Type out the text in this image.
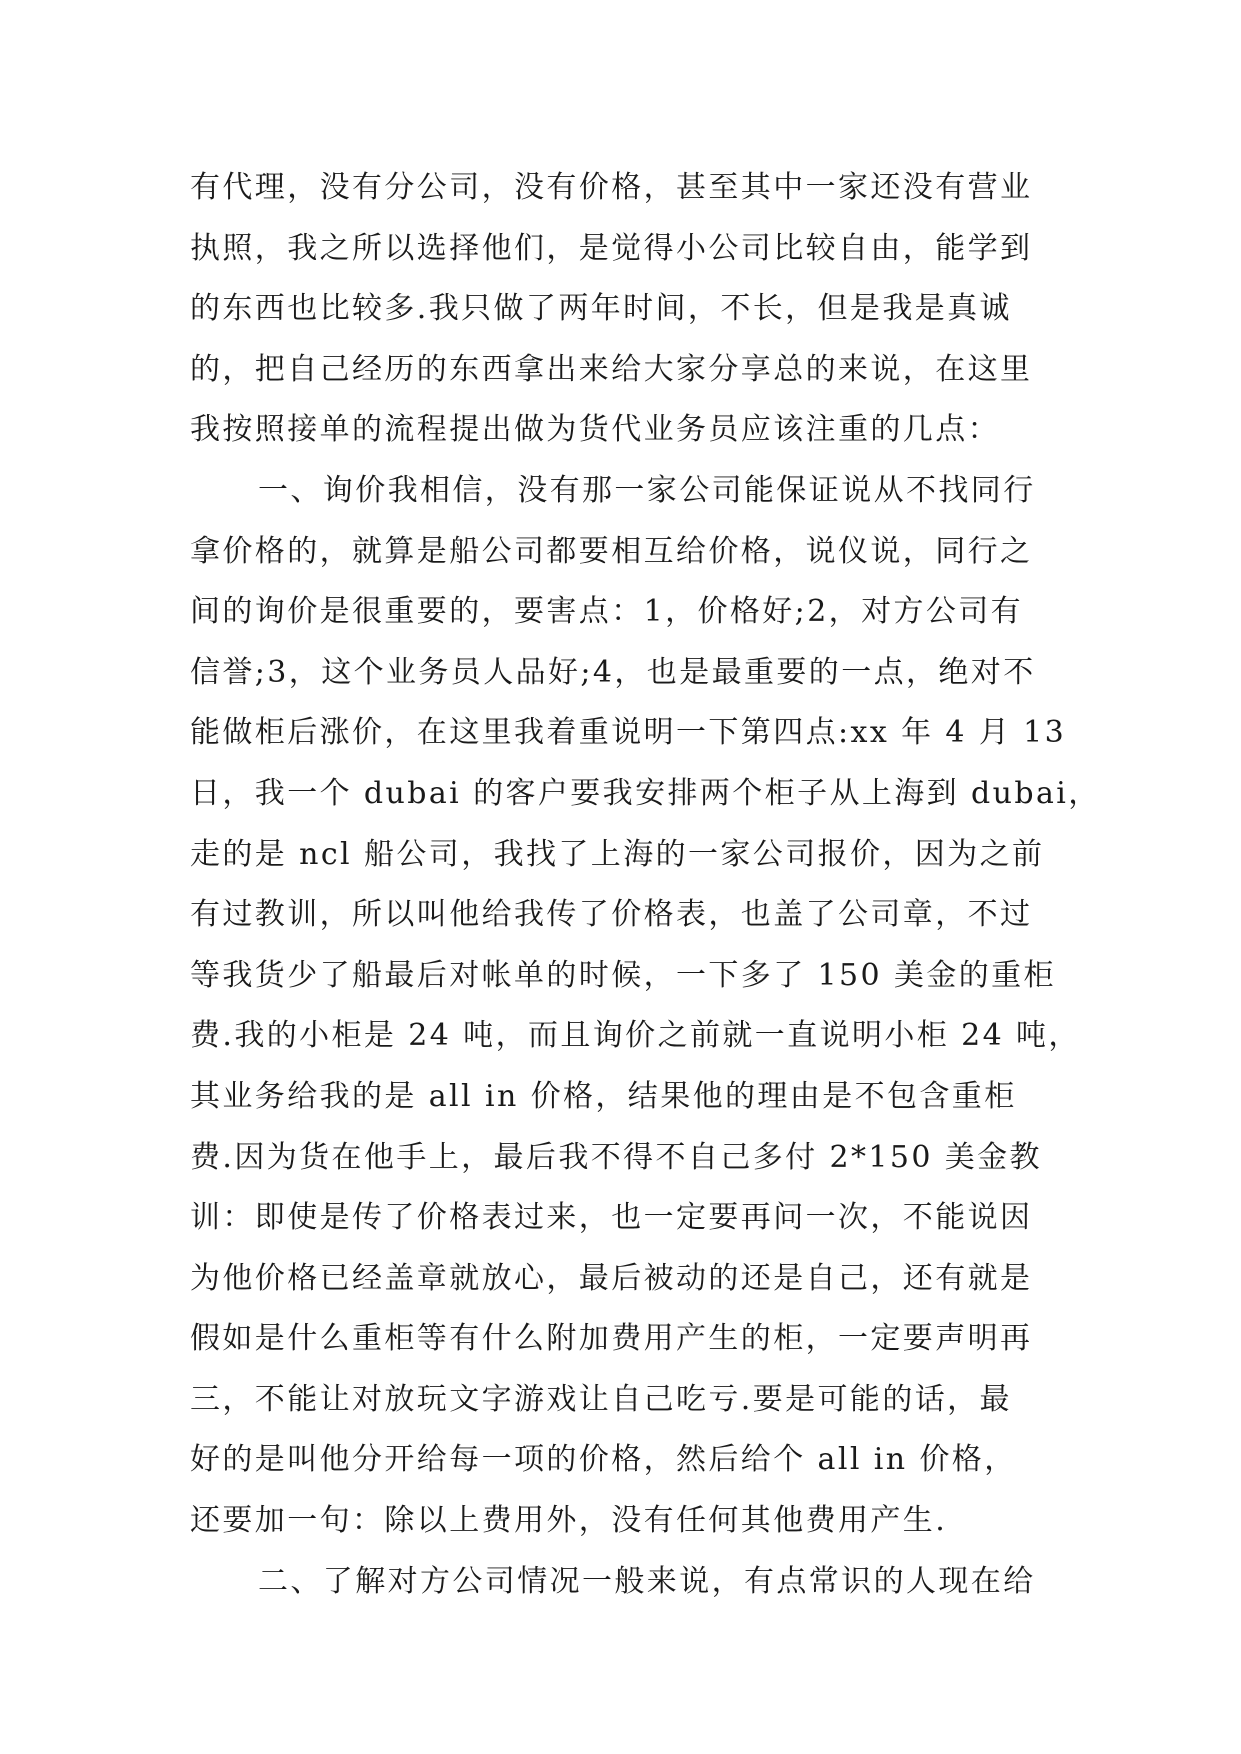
有代理，没有分公司，没有价格，甚至其中一家还没有营业
执照，我之所以选择他们，是觉得小公司比较自由，能学到
的东西也比较多.我只做了两年时间，不长，但是我是真诚
的，把自己经历的东西拿出来给大家分享总的来说，在这里
我按照接单的流程提出做为货代业务员应该注重的几点：
一、询价我相信，没有那一家公司能保证说从不找同行
拿价格的，就算是船公司都要相互给价格，说仪说，同行之
间的询价是很重要的，要害点：1，价格好;2，对方公司有
信誉;3，这个业务员人品好;4，也是最重要的一点，绝对不
能做柜后涨价，在这里我着重说明一下第四点:xx 年 4 月 13
日，我一个 dubai 的客户要我安排两个柜子从上海到 dubai，
走的是 ncl 船公司，我找了上海的一家公司报价，因为之前
有过教训，所以叫他给我传了价格表，也盖了公司章，不过
等我货少了船最后对帐单的时候，一下多了 150 美金的重柜
费.我的小柜是 24 吨，而且询价之前就一直说明小柜 24 吨，
其业务给我的是 all in 价格，结果他的理由是不包含重柜
费.因为货在他手上，最后我不得不自己多付 2*150 美金教
训：即使是传了价格表过来，也一定要再问一次，不能说因
为他价格已经盖章就放心，最后被动的还是自己，还有就是
假如是什么重柜等有什么附加费用产生的柜，一定要声明再
三，不能让对放玩文字游戏让自己吃亏.要是可能的话，最
好的是叫他分开给每一项的价格，然后给个 all in 价格，
还要加一句：除以上费用外，没有任何其他费用产生.
二、了解对方公司情况一般来说，有点常识的人现在给
